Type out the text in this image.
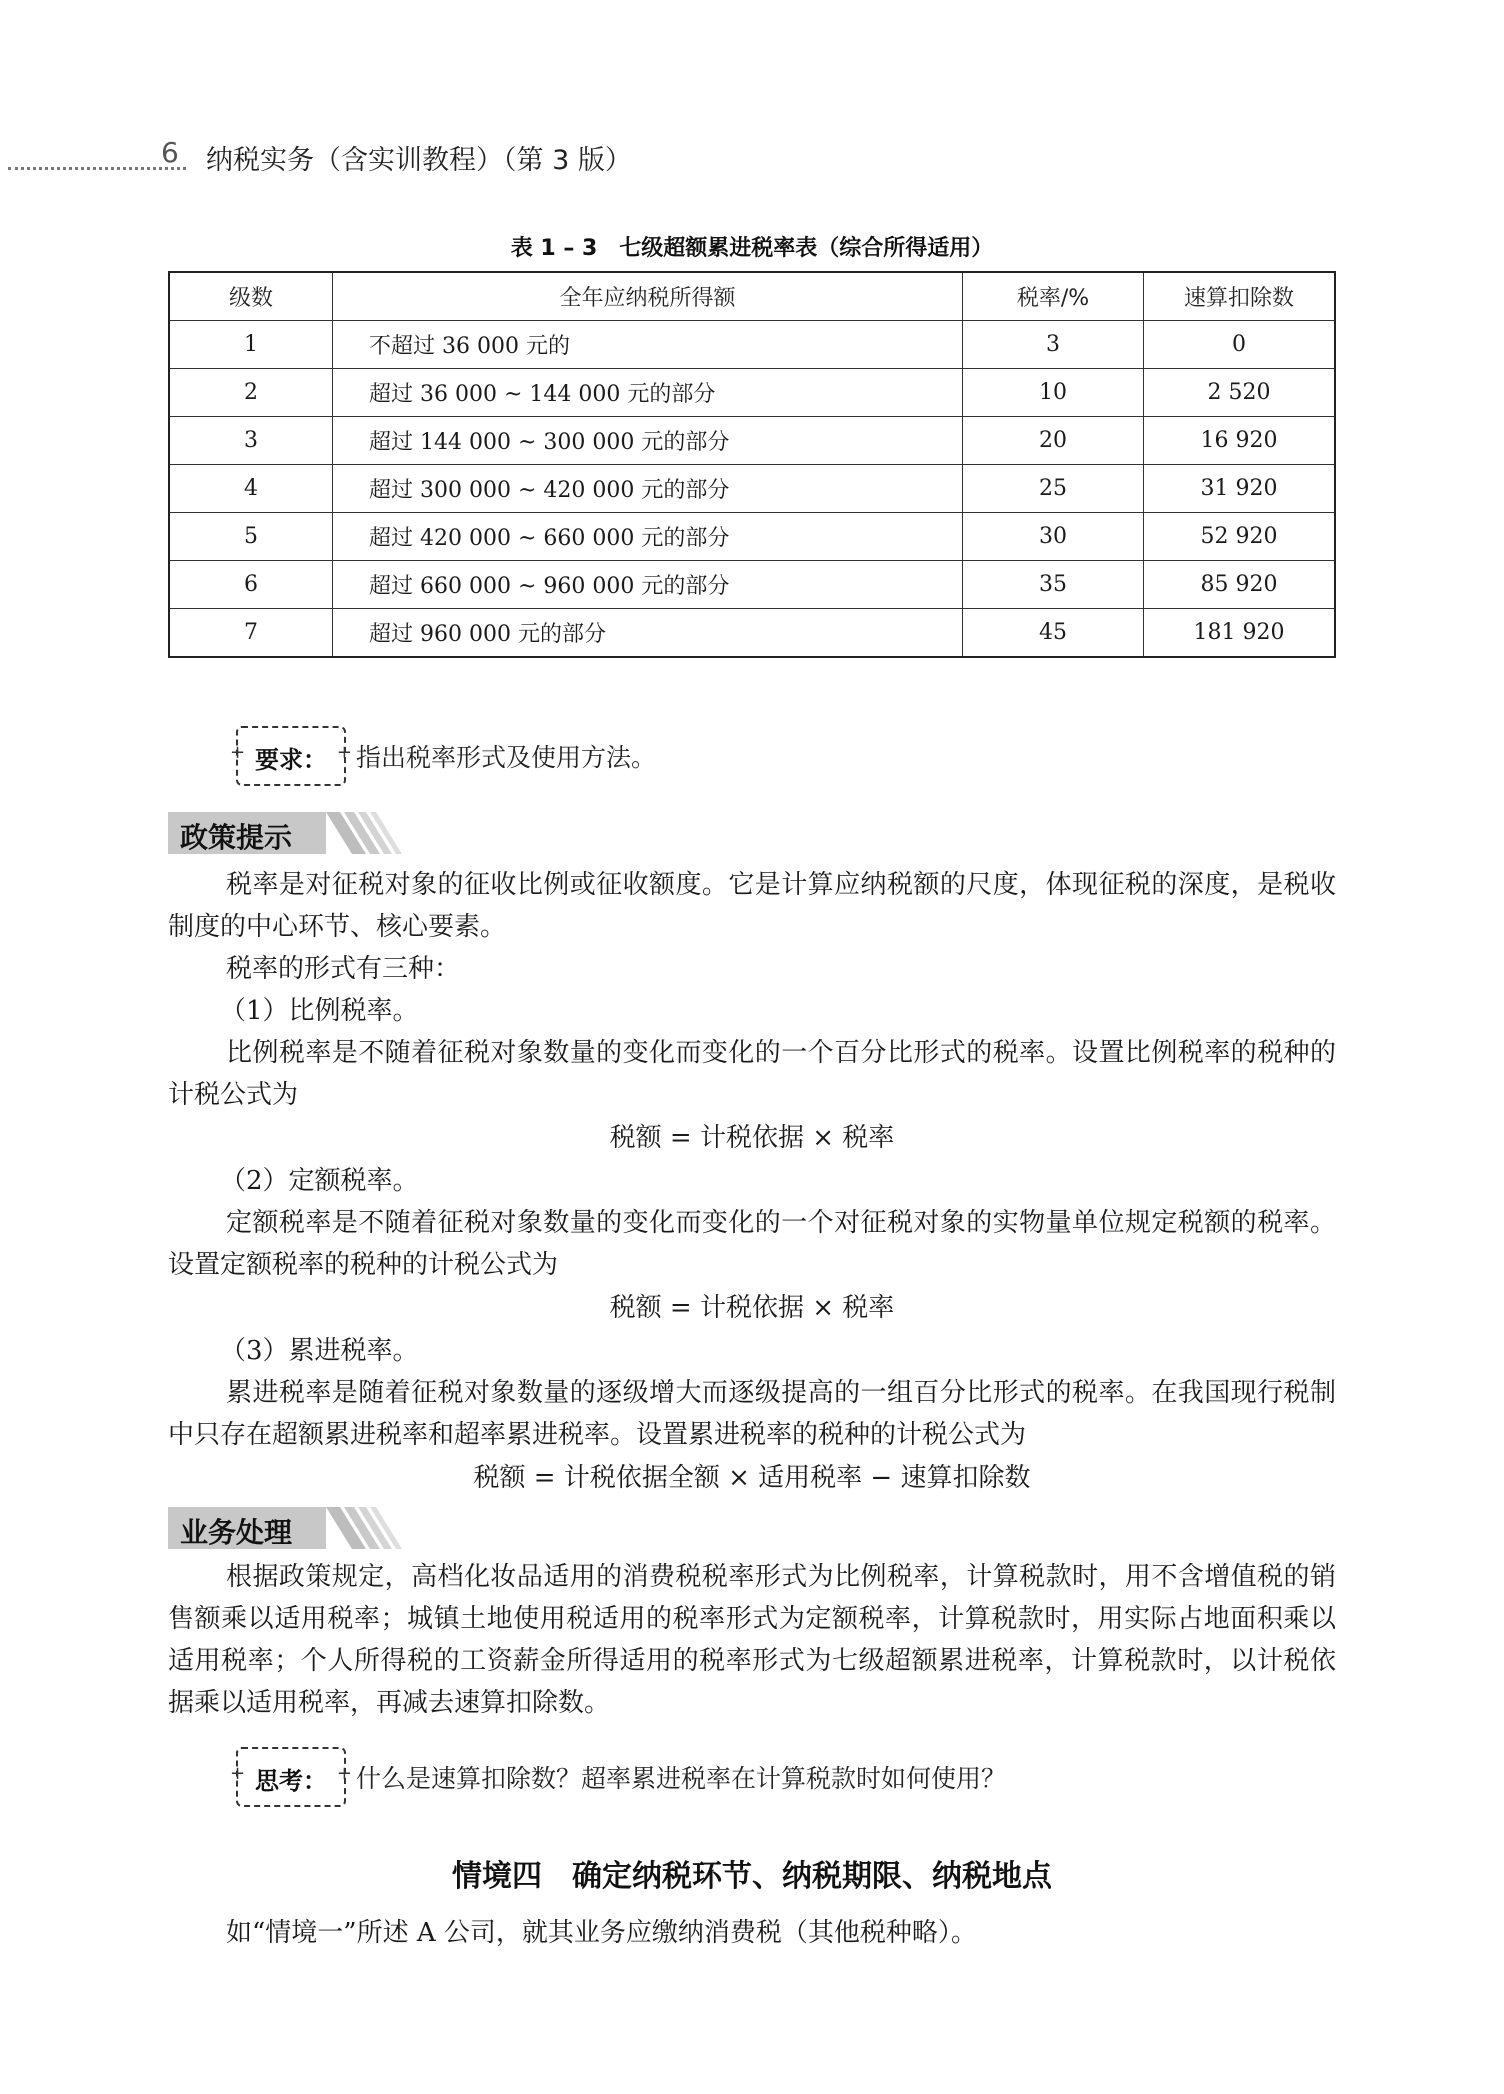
6 纳税实务（含实训教程）（第 3 版）
表 1 – 3　七级超额累进税率表（综合所得适用）
级数	全年应纳税所得额	税率/%	速算扣除数
1	不超过 36 000 元的	3	0
2	超过 36 000 ~ 144 000 元的部分	10	2 520
3	超过 144 000 ~ 300 000 元的部分	20	16 920
4	超过 300 000 ~ 420 000 元的部分	25	31 920
5	超过 420 000 ~ 660 000 元的部分	30	52 920
6	超过 660 000 ~ 960 000 元的部分	35	85 920
7	超过 960 000 元的部分	45	181 920
+ 要求：
+	指出税率形式及使用方法。
政策提示
税率是对征税对象的征收比例或征收额度。它是计算应纳税额的尺度，体现征税的深度，是税收制度的中心环节、核心要素。
税率的形式有三种：
（1）比例税率。
比例税率是不随着征税对象数量的变化而变化的一个百分比形式的税率。设置比例税率的税种的计税公式为
税额 = 计税依据 × 税率
（2）定额税率。
定额税率是不随着征税对象数量的变化而变化的一个对征税对象的实物量单位规定税额的税率。设置定额税率的税种的计税公式为
税额 = 计税依据 × 税率
（3）累进税率。
累进税率是随着征税对象数量的逐级增大而逐级提高的一组百分比形式的税率。在我国现行税制中只存在超额累进税率和超率累进税率。设置累进税率的税种的计税公式为
税额 = 计税依据全额 × 适用税率 − 速算扣除数
业务处理
根据政策规定，高档化妆品适用的消费税税率形式为比例税率，计算税款时，用不含增值税的销售额乘以适用税率；城镇土地使用税适用的税率形式为定额税率，计算税款时，用实际占地面积乘以适用税率；个人所得税的工资薪金所得适用的税率形式为七级超额累进税率，计算税款时，以计税依据乘以适用税率，再减去速算扣除数。
+ 思考：
+	什么是速算扣除数？超率累进税率在计算税款时如何使用？
情境四　确定纳税环节、纳税期限、纳税地点
如“情境一”所述 A 公司，就其业务应缴纳消费税（其他税种略）。
